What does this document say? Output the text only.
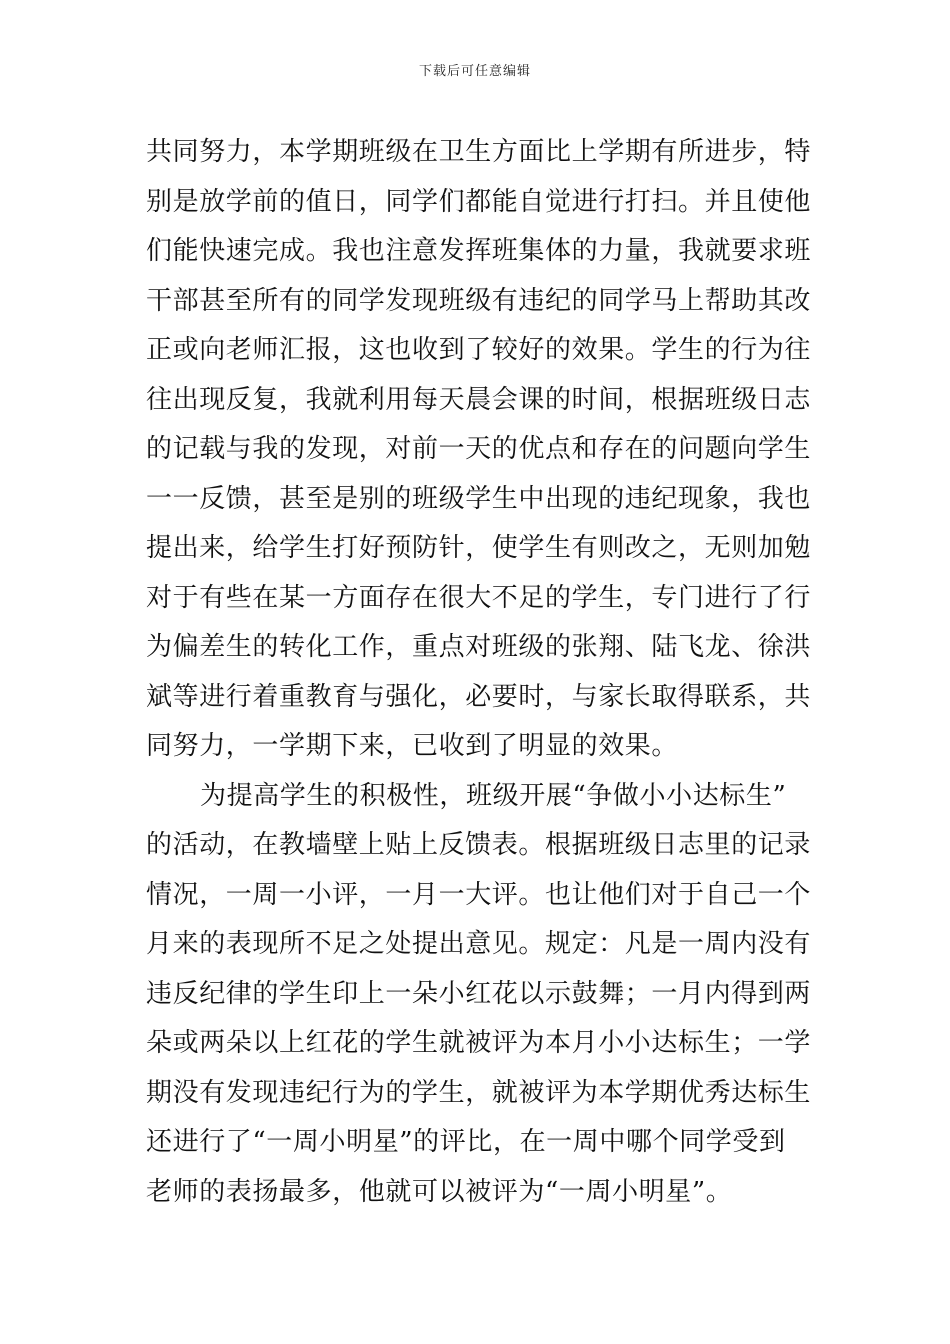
下载后可任意编辑
共同努力，本学期班级在卫生方面比上学期有所进步，特
别是放学前的值日，同学们都能自觉进行打扫。并且使他
们能快速完成。我也注意发挥班集体的力量，我就要求班
干部甚至所有的同学发现班级有违纪的同学马上帮助其改
正或向老师汇报，这也收到了较好的效果。学生的行为往
往出现反复，我就利用每天晨会课的时间，根据班级日志
的记载与我的发现，对前一天的优点和存在的问题向学生
一一反馈，甚至是别的班级学生中出现的违纪现象，我也
提出来，给学生打好预防针，使学生有则改之，无则加勉
对于有些在某一方面存在很大不足的学生，专门进行了行
为偏差生的转化工作，重点对班级的张翔、陆飞龙、徐洪
斌等进行着重教育与强化，必要时，与家长取得联系，共
同努力，一学期下来，已收到了明显的效果。
为提高学生的积极性，班级开展“争做小小达标生”
的活动，在教墙壁上贴上反馈表。根据班级日志里的记录
情况，一周一小评，一月一大评。也让他们对于自己一个
月来的表现所不足之处提出意见。规定：凡是一周内没有
违反纪律的学生印上一朵小红花以示鼓舞；一月内得到两
朵或两朵以上红花的学生就被评为本月小小达标生；一学
期没有发现违纪行为的学生，就被评为本学期优秀达标生
还进行了“一周小明星”的评比，在一周中哪个同学受到
老师的表扬最多，他就可以被评为“一周小明星”。
